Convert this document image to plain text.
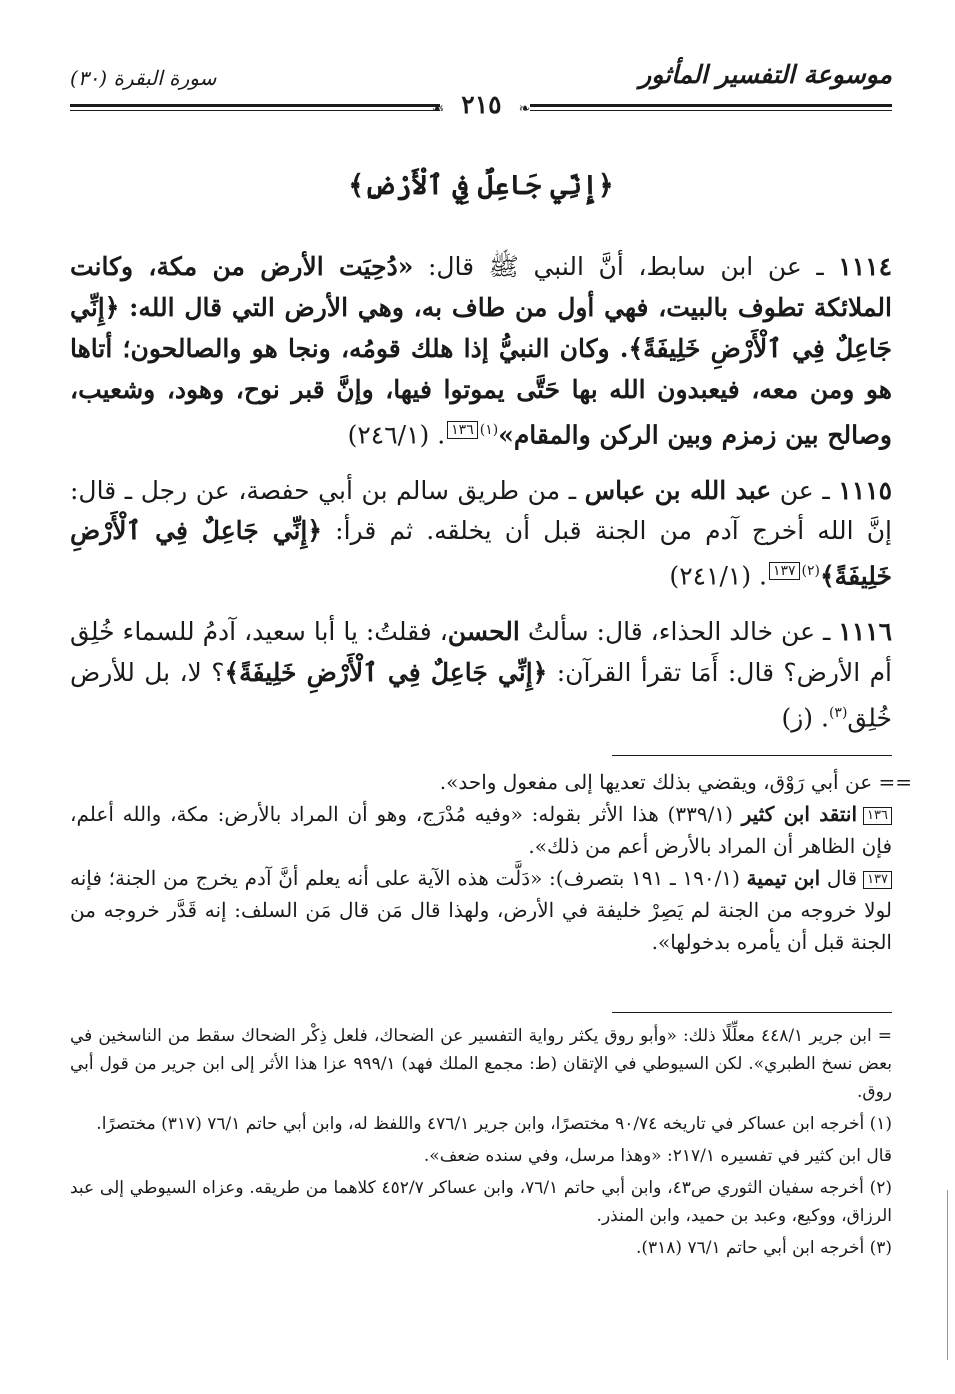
موسوعة التفسير المأثور
سورة البقرة (٣٠)
❧ ٢١٥ ☙
﴿إِنِّي جَاعِلٌ فِي ٱلْأَرْضِ﴾

١١١٤ ـ عن ابن سابط، أنَّ النبي ﷺ قال: «دُحِيَت الأرض من مكة، وكانت الملائكة تطوف بالبيت، فهي أول من طاف به، وهي الأرض التي قال الله: ﴿إِنِّي جَاعِلٌ فِي ٱلْأَرْضِ خَلِيفَةً﴾. وكان النبيُّ إذا هلك قومُه، ونجا هو والصالحون؛ أتاها هو ومن معه، فيعبدون الله بها حَتَّى يموتوا فيها، وإنَّ قبر نوح، وهود، وشعيب، وصالح بين زمزم وبين الركن والمقام»$^{(١)}$١٣٦. (٢٤٦/١)

١١١٥ ـ عن عبد الله بن عباس ـ من طريق سالم بن أبي حفصة، عن رجل ـ قال: إنَّ الله أخرج آدم من الجنة قبل أن يخلقه. ثم قرأ: ﴿إِنِّي جَاعِلٌ فِي ٱلْأَرْضِ خَلِيفَةً﴾$^{(٢)}$١٣٧. (٢٤١/١)

١١١٦ ـ عن خالد الحذاء، قال: سألتُ الحسن، فقلتُ: يا أبا سعيد، آدمُ للسماء خُلِق أم الأرض؟ قال: أَمَا تقرأ القرآن: ﴿إِنِّي جَاعِلٌ فِي ٱلْأَرْضِ خَلِيفَةً﴾؟ لا، بل للأرض خُلِق$^{(٣)}$. (ز)

== عن أبي رَوْق، ويقضي بذلك تعديها إلى مفعول واحد».

١٣٦انتقد ابن كثير (٣٣٩/١) هذا الأثر بقوله: «وفيه مُدْرَج، وهو أن المراد بالأرض: مكة، والله أعلم، فإن الظاهر أن المراد بالأرض أعم من ذلك».

١٣٧قال ابن تيمية (١٩٠/١ ـ ١٩١ بتصرف): «دَلَّت هذه الآية على أنه يعلم أنَّ آدم يخرج من الجنة؛ فإنه لولا خروجه من الجنة لم يَصِرْ خليفة في الأرض، ولهذا قال مَن قال مَن السلف: إنه قَدَّر خروجه من الجنة قبل أن يأمره بدخولها».

= ابن جرير ٤٤٨/١ معلِّلًا ذلك: «وأبو روق يكثر رواية التفسير عن الضحاك، فلعل ذِكْر الضحاك سقط من الناسخين في بعض نسخ الطبري». لكن السيوطي في الإتقان (ط: مجمع الملك فهد) ٩٩٩/١ عزا هذا الأثر إلى ابن جرير من قول أبي روق.

(١) أخرجه ابن عساكر في تاريخه ٩٠/٧٤ مختصرًا، وابن جرير ٤٧٦/١ واللفظ له، وابن أبي حاتم ٧٦/١ (٣١٧) مختصرًا.

قال ابن كثير في تفسيره ٢١٧/١: «وهذا مرسل، وفي سنده ضعف».

(٢) أخرجه سفيان الثوري ص٤٣، وابن أبي حاتم ٧٦/١، وابن عساكر ٤٥٢/٧ كلاهما من طريقه. وعزاه السيوطي إلى عبد الرزاق، ووكيع، وعبد بن حميد، وابن المنذر.

(٣) أخرجه ابن أبي حاتم ٧٦/١ (٣١٨).
